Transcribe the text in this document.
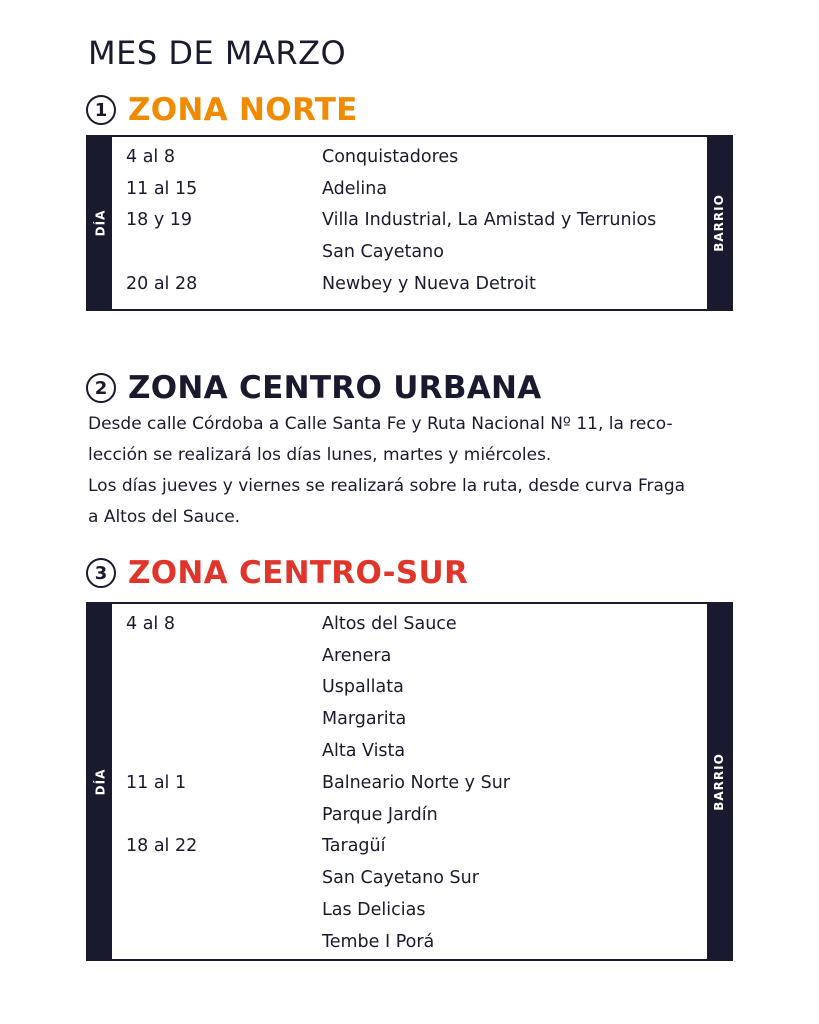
MES DE MARZO
1 ZONA NORTE
DÍA
4 al 8	Conquistadores
11 al 15	Adelina
18 y 19	Villa Industrial, La Amistad y Terrunios
San Cayetano
20 al 28	Newbey y Nueva Detroit
BARRIO
2 ZONA CENTRO URBANA
Desde calle Córdoba a Calle Santa Fe y Ruta Nacional Nº 11, la reco-
lección se realizará los días lunes, martes y miércoles.
Los días jueves y viernes se realizará sobre la ruta, desde curva Fraga
a Altos del Sauce.
3 ZONA CENTRO-SUR
DÍA
4 al 8	Altos del Sauce
Arenera
Uspallata
Margarita
Alta Vista
11 al 1	Balneario Norte y Sur
Parque Jardín
18 al 22	Taragüí
San Cayetano Sur
Las Delicias
Tembe I Porá
BARRIO
